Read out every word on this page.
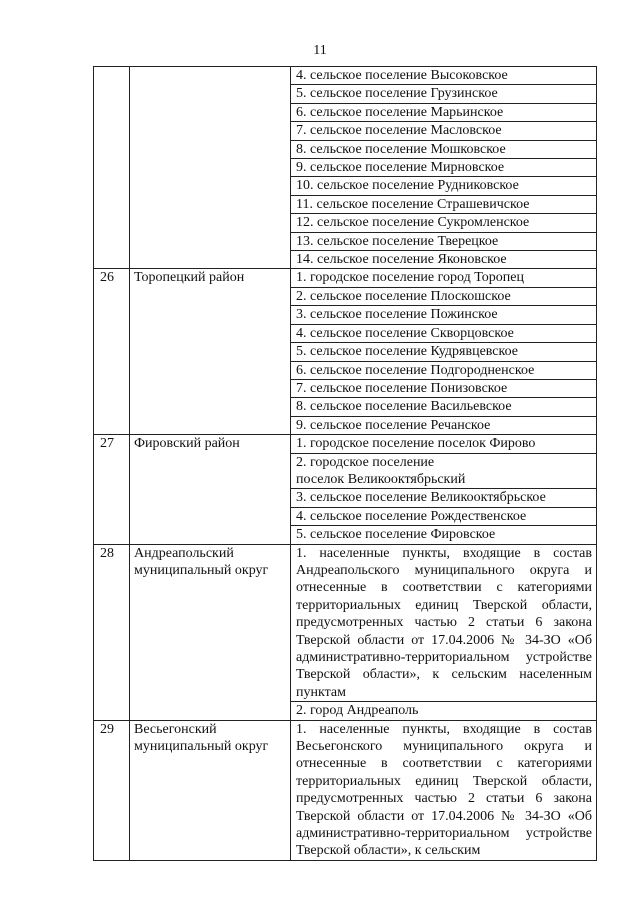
11
		4. сельское поселение Высоковское
		5. сельское поселение Грузинское
		6. сельское поселение Марьинское
		7. сельское поселение Масловское
		8. сельское поселение Мошковское
		9. сельское поселение Мирновское
		10. сельское поселение Рудниковское
		11. сельское поселение Страшевичское
		12. сельское поселение Сукромленское
		13. сельское поселение Тверецкое
		14. сельское поселение Яконовское
26	Торопецкий район	1. городское поселение город Торопец
		2. сельское поселение Плоскошское
		3. сельское поселение Пожинское
		4. сельское поселение Скворцовское
		5. сельское поселение Кудрявцевское
		6. сельское поселение Подгородненское
		7. сельское поселение Понизовское
		8. сельское поселение Васильевское
		9. сельское поселение Речанское
27	Фировский район	1. городское поселение поселок Фирово
		2. городское поселение
поселок Великооктябрьский
		3. сельское поселение Великооктябрьское
		4. сельское поселение Рождественское
		5. сельское поселение Фировское
28	Андреапольский муниципальный округ	1. населенные пункты, входящие в состав Андреапольского муниципального округа и отнесенные в соответствии с категориями территориальных единиц Тверской области, предусмотренных частью 2 статьи 6 закона Тверской области от 17.04.2006 № 34-ЗО «Об административно-территориальном устройстве Тверской области», к сельским населенным пунктам
		2. город Андреаполь
29	Весьегонский муниципальный округ	1. населенные пункты, входящие в состав Весьегонского муниципального округа и отнесенные в соответствии с категориями территориальных единиц Тверской области, предусмотренных частью 2 статьи 6 закона Тверской области от 17.04.2006 № 34-ЗО «Об административно-территориальном устройстве Тверской области», к сельским
